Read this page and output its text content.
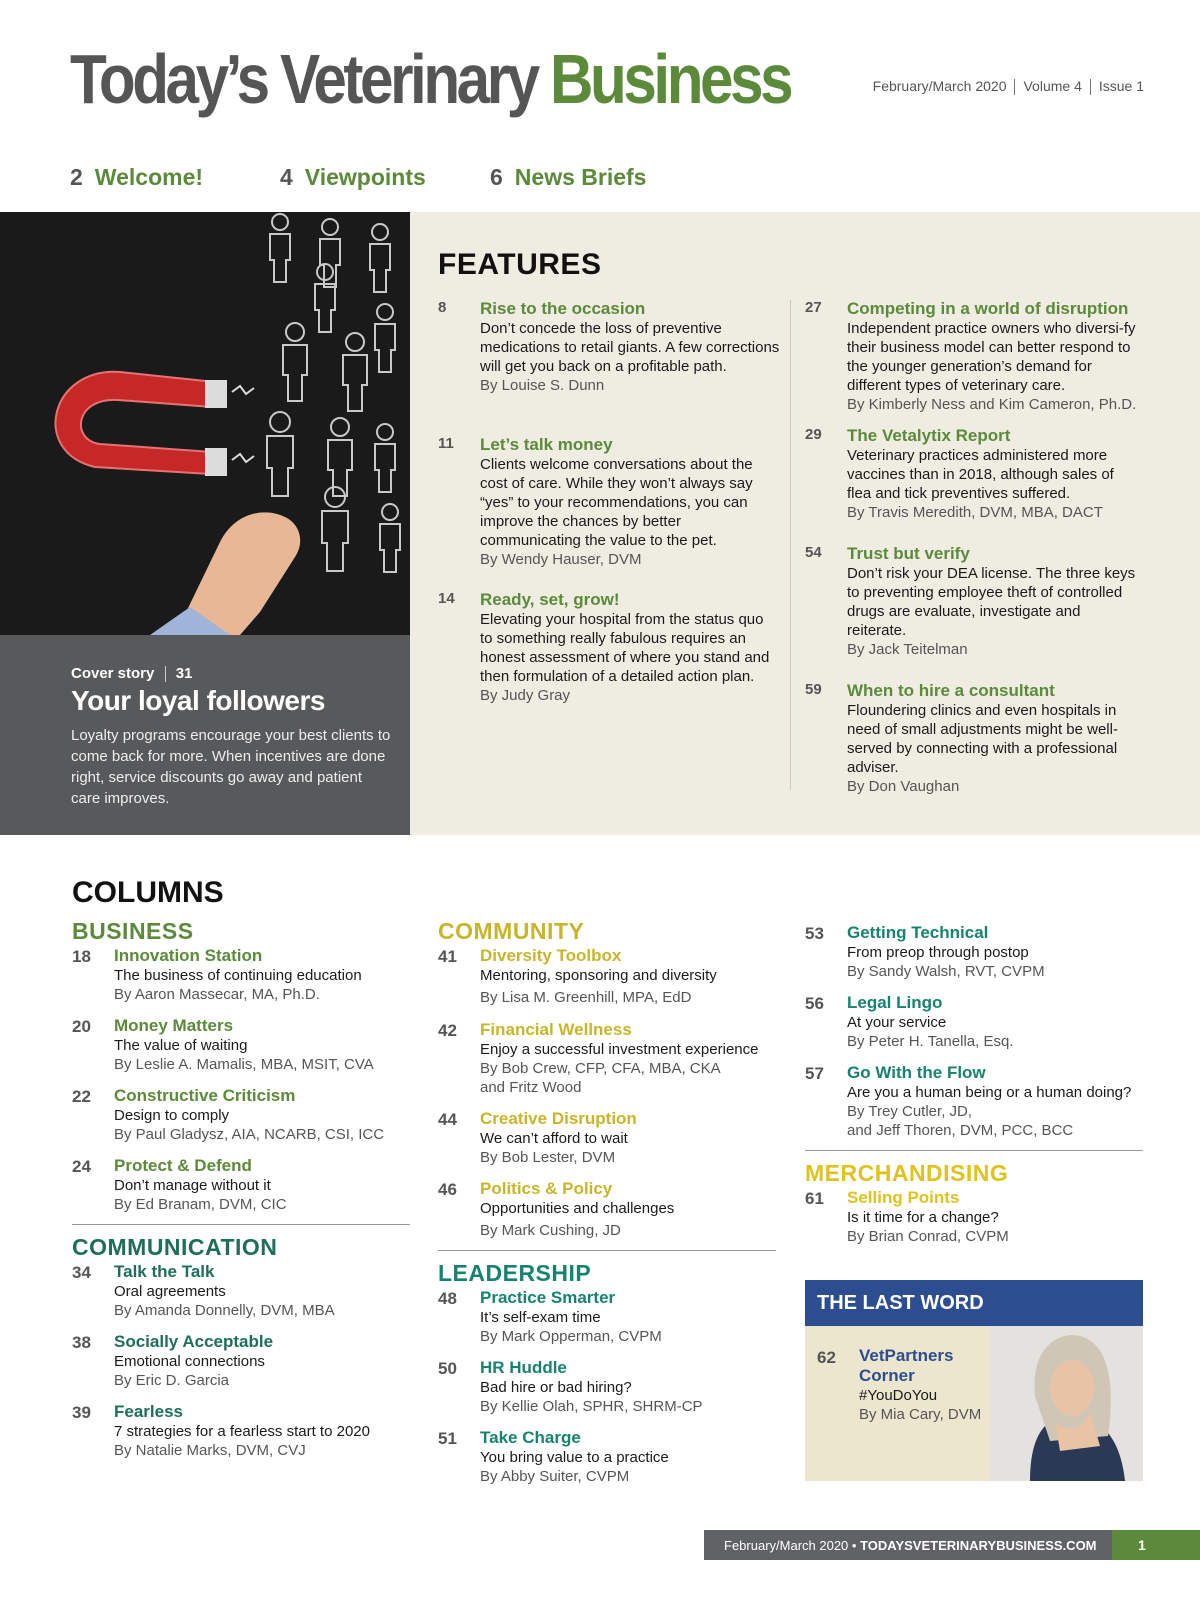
Today’s Veterinary Business	February/March 2020 Volume 4 Issue 1
2 Welcome!	4 Viewpoints	6 News Briefs
Cover story 31
Your loyal followers
Loyalty programs encourage your best clients to come back for more. When incentives are done right, service discounts go away and patient care improves.
FEATURES
8 Rise to the occasion
Don’t concede the loss of preventive medications to retail giants. A few corrections will get you back on a profitable path.
By Louise S. Dunn
11 Let’s talk money
Clients welcome conversations about the cost of care. While they won’t always say “yes” to your recommendations, you can improve the chances by better communicating the value to the pet.
By Wendy Hauser, DVM
14 Ready, set, grow!
Elevating your hospital from the status quo to something really fabulous requires an honest assessment of where you stand and then formulation of a detailed action plan.
By Judy Gray
27 Competing in a world of disruption
Independent practice owners who diversi-fy their business model can better respond to the younger generation’s demand for different types of veterinary care.
By Kimberly Ness and Kim Cameron, Ph.D.
29 The Vetalytix Report
Veterinary practices administered more vaccines than in 2018, although sales of flea and tick preventives suffered.
By Travis Meredith, DVM, MBA, DACT
54 Trust but verify
Don’t risk your DEA license. The three keys to preventing employee theft of controlled drugs are evaluate, investigate and reiterate.
By Jack Teitelman
59 When to hire a consultant
Floundering clinics and even hospitals in need of small adjustments might be well-served by connecting with a professional adviser.
By Don Vaughan
COLUMNS
BUSINESS
18 Innovation Station
The business of continuing education
By Aaron Massecar, MA, Ph.D.
20 Money Matters
The value of waiting
By Leslie A. Mamalis, MBA, MSIT, CVA
22 Constructive Criticism
Design to comply
By Paul Gladysz, AIA, NCARB, CSI, ICC
24 Protect & Defend
Don’t manage without it
By Ed Branam, DVM, CIC
COMMUNICATION
34 Talk the Talk
Oral agreements
By Amanda Donnelly, DVM, MBA
38 Socially Acceptable
Emotional connections
By Eric D. Garcia
39 Fearless
7 strategies for a fearless start to 2020
By Natalie Marks, DVM, CVJ
COMMUNITY
41 Diversity Toolbox
Mentoring, sponsoring and diversity
By Lisa M. Greenhill, MPA, EdD
42 Financial Wellness
Enjoy a successful investment experience
By Bob Crew, CFP, CFA, MBA, CKA
and Fritz Wood
44 Creative Disruption
We can’t afford to wait
By Bob Lester, DVM
46 Politics & Policy
Opportunities and challenges
By Mark Cushing, JD
LEADERSHIP
48 Practice Smarter
It’s self-exam time
By Mark Opperman, CVPM
50 HR Huddle
Bad hire or bad hiring?
By Kellie Olah, SPHR, SHRM-CP
51 Take Charge
You bring value to a practice
By Abby Suiter, CVPM
53 Getting Technical
From preop through postop
By Sandy Walsh, RVT, CVPM
56 Legal Lingo
At your service
By Peter H. Tanella, Esq.
57 Go With the Flow
Are you a human being or a human doing?
By Trey Cutler, JD,
and Jeff Thoren, DVM, PCC, BCC
MERCHANDISING
61 Selling Points
Is it time for a change?
By Brian Conrad, CVPM
THE LAST WORD
62 VetPartners
Corner
#YouDoYou
By Mia Cary, DVM
February/March 2020 • TODAYSVETERINARYBUSINESS.COM	1
